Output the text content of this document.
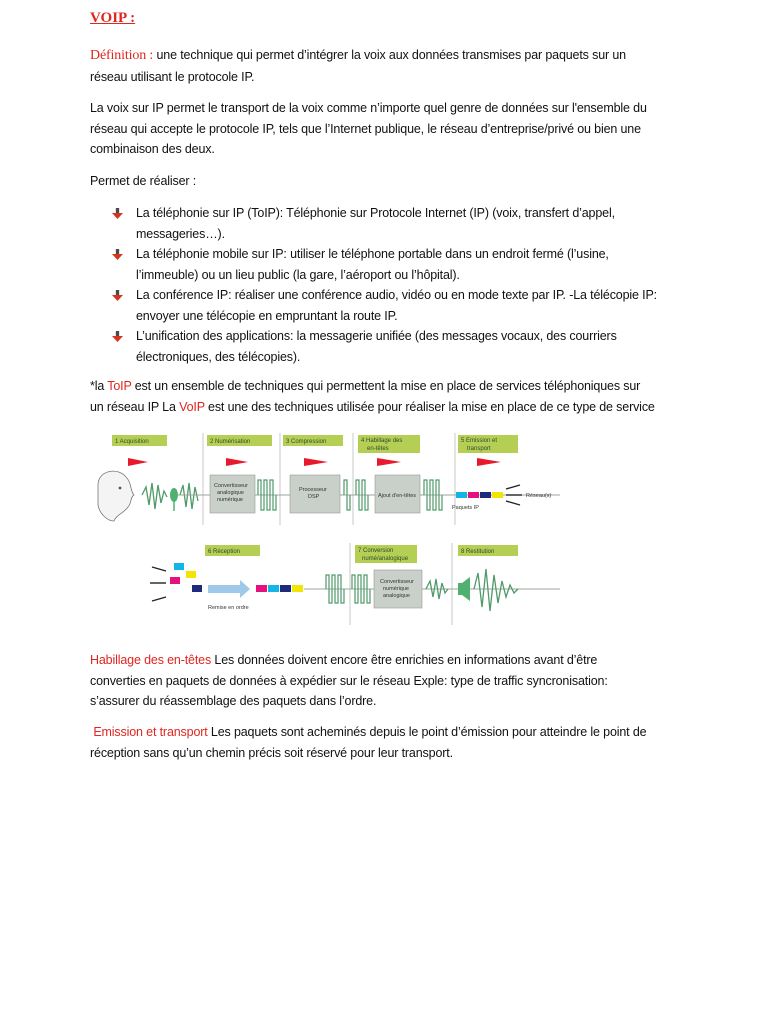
VOIP :
Définition : une technique qui permet d’intégrer la voix aux données transmises par paquets sur un
réseau utilisant le protocole IP.
La voix sur IP permet le transport de la voix comme n’importe quel genre de données sur l'ensemble du
réseau qui accepte le protocole IP, tels que l’Internet publique, le réseau d’entreprise/privé ou bien une
combinaison des deux.
Permet de réaliser :
La téléphonie sur IP (ToIP): Téléphonie sur Protocole Internet (IP) (voix, transfert d’appel,
messageries…).
La téléphonie mobile sur IP: utiliser le téléphone portable dans un endroit fermé (l’usine,
l’immeuble) ou un lieu public (la gare, l’aéroport ou l’hôpital).
La conférence IP: réaliser une conférence audio, vidéo ou en mode texte par IP. -La télécopie IP:
envoyer une télécopie en empruntant la route IP.
L’unification des applications: la messagerie unifiée (des messages vocaux, des courriers
électroniques, des télécopies).
*la ToIP est un ensemble de techniques qui permettent la mise en place de services téléphoniques sur
un réseau IP La VoIP est une des techniques utilisée pour réaliser la mise en place de ce type de service
1 Acquisition	2 Numérisation	3 Compression	4 Habillage des
en-têtes
5 Emission et
transport
Convertisseur
analogique
numérique
Processeur
DSP	Ajout d'en-têtes
Paquets IP
Réseau(x)
6 Réception	7 Conversion
numé/analogique
8 Restitution
Remise en ordre
Convertisseur
numérique
analogique
Habillage des en-têtes Les données doivent encore être enrichies en informations avant d’être
converties en paquets de données à expédier sur le réseau Exple: type de traffic syncronisation:
s’assurer du réassemblage des paquets dans l’ordre.
Emission et transport Les paquets sont acheminés depuis le point d’émission pour atteindre le point de
réception sans qu’un chemin précis soit réservé pour leur transport.
